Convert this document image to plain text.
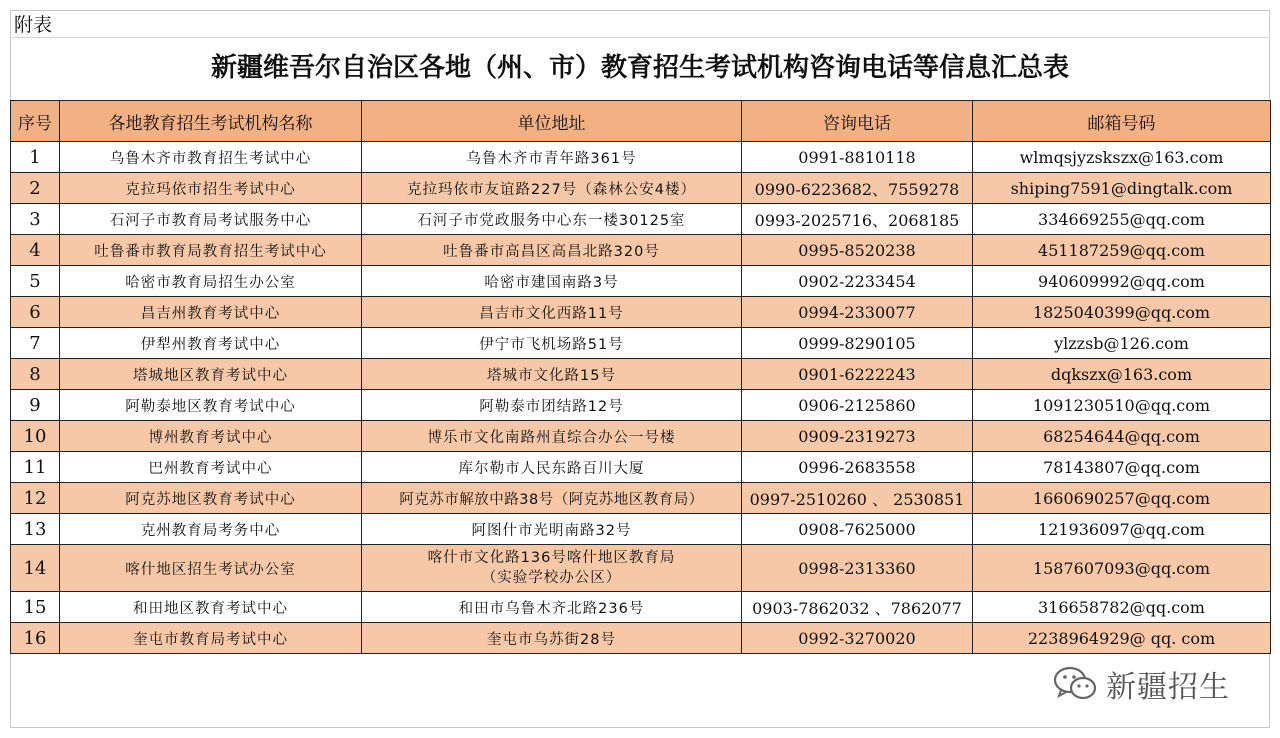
附表
新疆维吾尔自治区各地（州、市）教育招生考试机构咨询电话等信息汇总表
序号	各地教育招生考试机构名称	单位地址	咨询电话	邮箱号码
1	乌鲁木齐市教育招生考试中心	乌鲁木齐市青年路361号	0991-8810118	wlmqsjyzskszx@163.com
2	克拉玛依市招生考试中心	克拉玛依市友谊路227号（森林公安4楼）	0990-6223682、7559278	shiping7591@dingtalk.com
3	石河子市教育局考试服务中心	石河子市党政服务中心东一楼30125室	0993-2025716、2068185	334669255@qq.com
4	吐鲁番市教育局教育招生考试中心	吐鲁番市高昌区高昌北路320号	0995-8520238	451187259@qq.com
5	哈密市教育局招生办公室	哈密市建国南路3号	0902-2233454	940609992@qq.com
6	昌吉州教育考试中心	昌吉市文化西路11号	0994-2330077	1825040399@qq.com
7	伊犁州教育考试中心	伊宁市飞机场路51号	0999-8290105	ylzzsb@126.com
8	塔城地区教育考试中心	塔城市文化路15号	0901-6222243	dqkszx@163.com
9	阿勒泰地区教育考试中心	阿勒泰市团结路12号	0906-2125860	1091230510@qq.com
10	博州教育考试中心	博乐市文化南路州直综合办公一号楼	0909-2319273	68254644@qq.com
11	巴州教育考试中心	库尔勒市人民东路百川大厦	0996-2683558	78143807@qq.com
12	阿克苏地区教育考试中心	阿克苏市解放中路38号（阿克苏地区教育局）	0997-2510260 、 2530851	1660690257@qq.com
13	克州教育局考务中心	阿图什市光明南路32号	0908-7625000	121936097@qq.com
14	喀什地区招生考试办公室	喀什市文化路136号喀什地区教育局
（实验学校办公区）	0998-2313360	1587607093@qq.com
15	和田地区教育考试中心	和田市乌鲁木齐北路236号	0903-7862032 、7862077	316658782@qq.com
16	奎屯市教育局考试中心	奎屯市乌苏街28号	0992-3270020	2238964929@ qq. com
新疆招生
